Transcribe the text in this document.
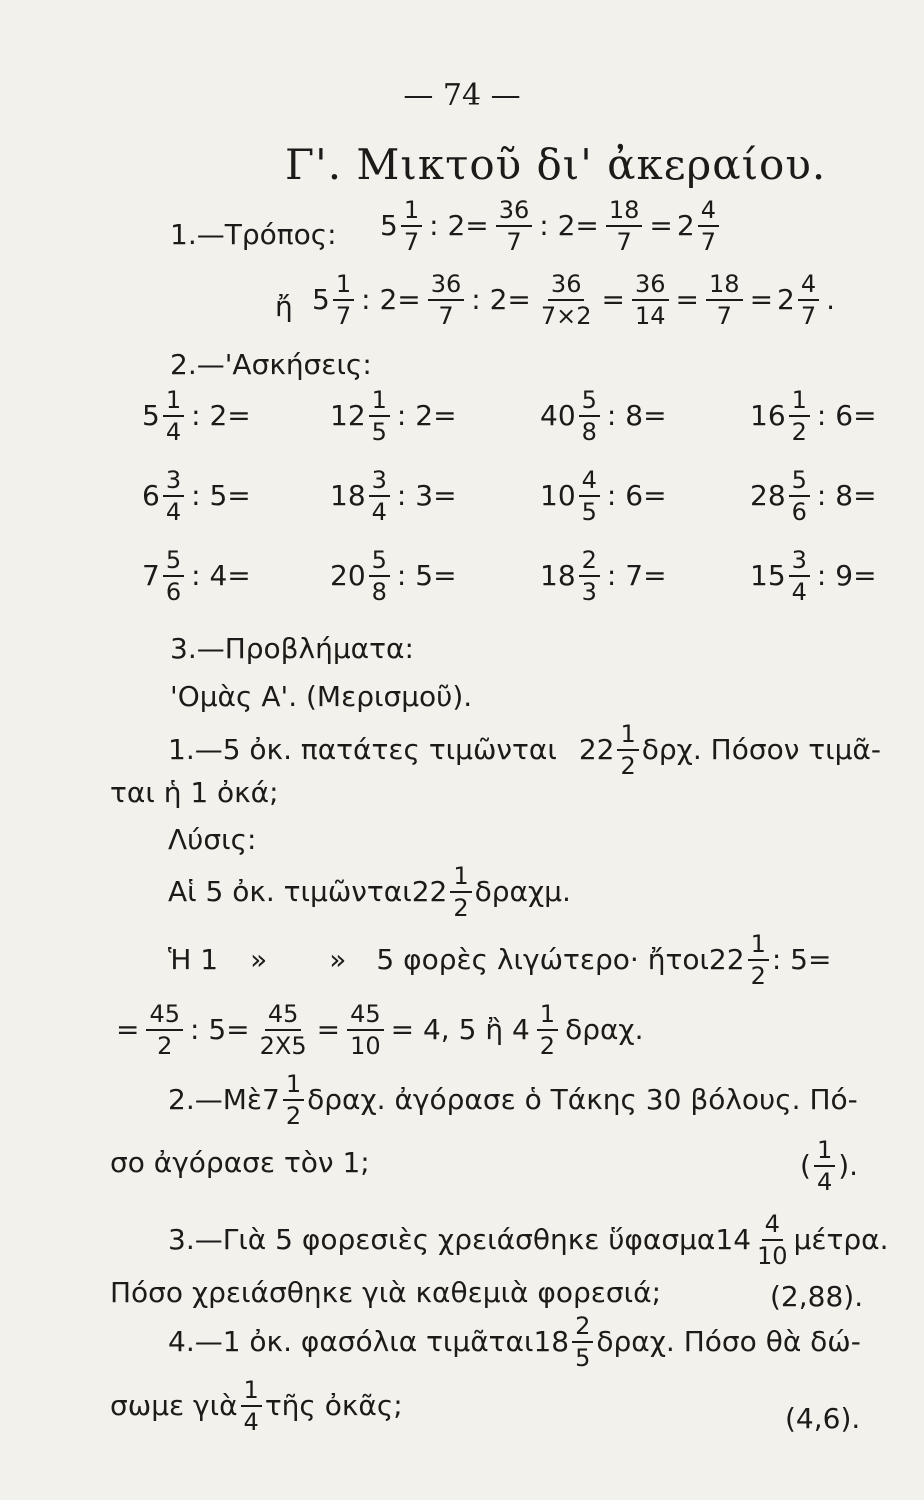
— 74 —
Γ'. Μικτοῦ δι' ἀκεραίου.
1.—Τρόπος: $5 \frac{1}{7}$ : $2= \frac{36}{7}$ : $2= \frac{18}{7} = 2 \frac{4}{7}$
ἤ $5 \frac{1}{7}$ : $2= \frac{36}{7}$ : $2= \frac{36}{7\times 2} = \frac{36}{14} = \frac{18}{7} = 2 \frac{4}{7}$ .
2.—'Ασκήσεις:
$5 \frac{1}{4}$ : 2=	$12 \frac{1}{5}$ : 2=	$40 \frac{5}{8}$ : 8=	$16 \frac{1}{2}$ : 6=
$6 \frac{3}{4}$ : 5=	$18 \frac{3}{4}$ : 3=	$10 \frac{4}{5}$ : 6=	$28 \frac{5}{6}$ : 8=
$7 \frac{5}{6}$ : 4=	$20 \frac{5}{8}$ : 5=	$18 \frac{2}{3}$ : 7=	$15 \frac{3}{4}$ : 9=
3.—Προβλήματα:
'Ομὰς Α'. (Μερισμοῦ).
1.—5 ὀκ. πατάτες τιμῶνται $22 \frac{1}{2} \delta\rho\chi$. Πόσον τιμᾶ-
ται ἡ 1 ὀκά;
Λύσις:
Αἱ 5 ὀκ. τιμῶνται $22 \frac{1}{2} \delta\rho\alpha\chi\mu$.
Ἡ 1 » » 5 φορὲς λιγώτερο· ἤτοι $22 \frac{1}{2}$ : 5=
= $\frac{45}{2}$ : $5= \frac{45}{2X5} = \frac{45}{10} = 4$, 5 ἢ $4 \frac{1}{2} \delta\rho\alpha\chi$.
2.—Μὲ $7 \frac{1}{2} \delta\rho\alpha\chi$. ἀγόρασε ὁ Τάκης 30 βόλους. Πό-
σο ἀγόρασε τὸν 1;	( $\frac{1}{4}$ ).
3.—Γιὰ 5 φορεσιὲς χρειάσθηκε ὕφασμα $14 \frac{4}{10} \mu έ\tau\rho\alpha$.
Πόσο χρειάσθηκε γιὰ καθεμιὰ φορεσιά;	(2,88).
4.—1 ὀκ. φασόλια τιμᾶται $18 \frac{2}{5} \delta\rho\alpha\chi$. Πόσο θὰ δώ-
σωμε γιὰ $\frac{1}{4}$ τῆς ὀκᾶς;	(4,6).
